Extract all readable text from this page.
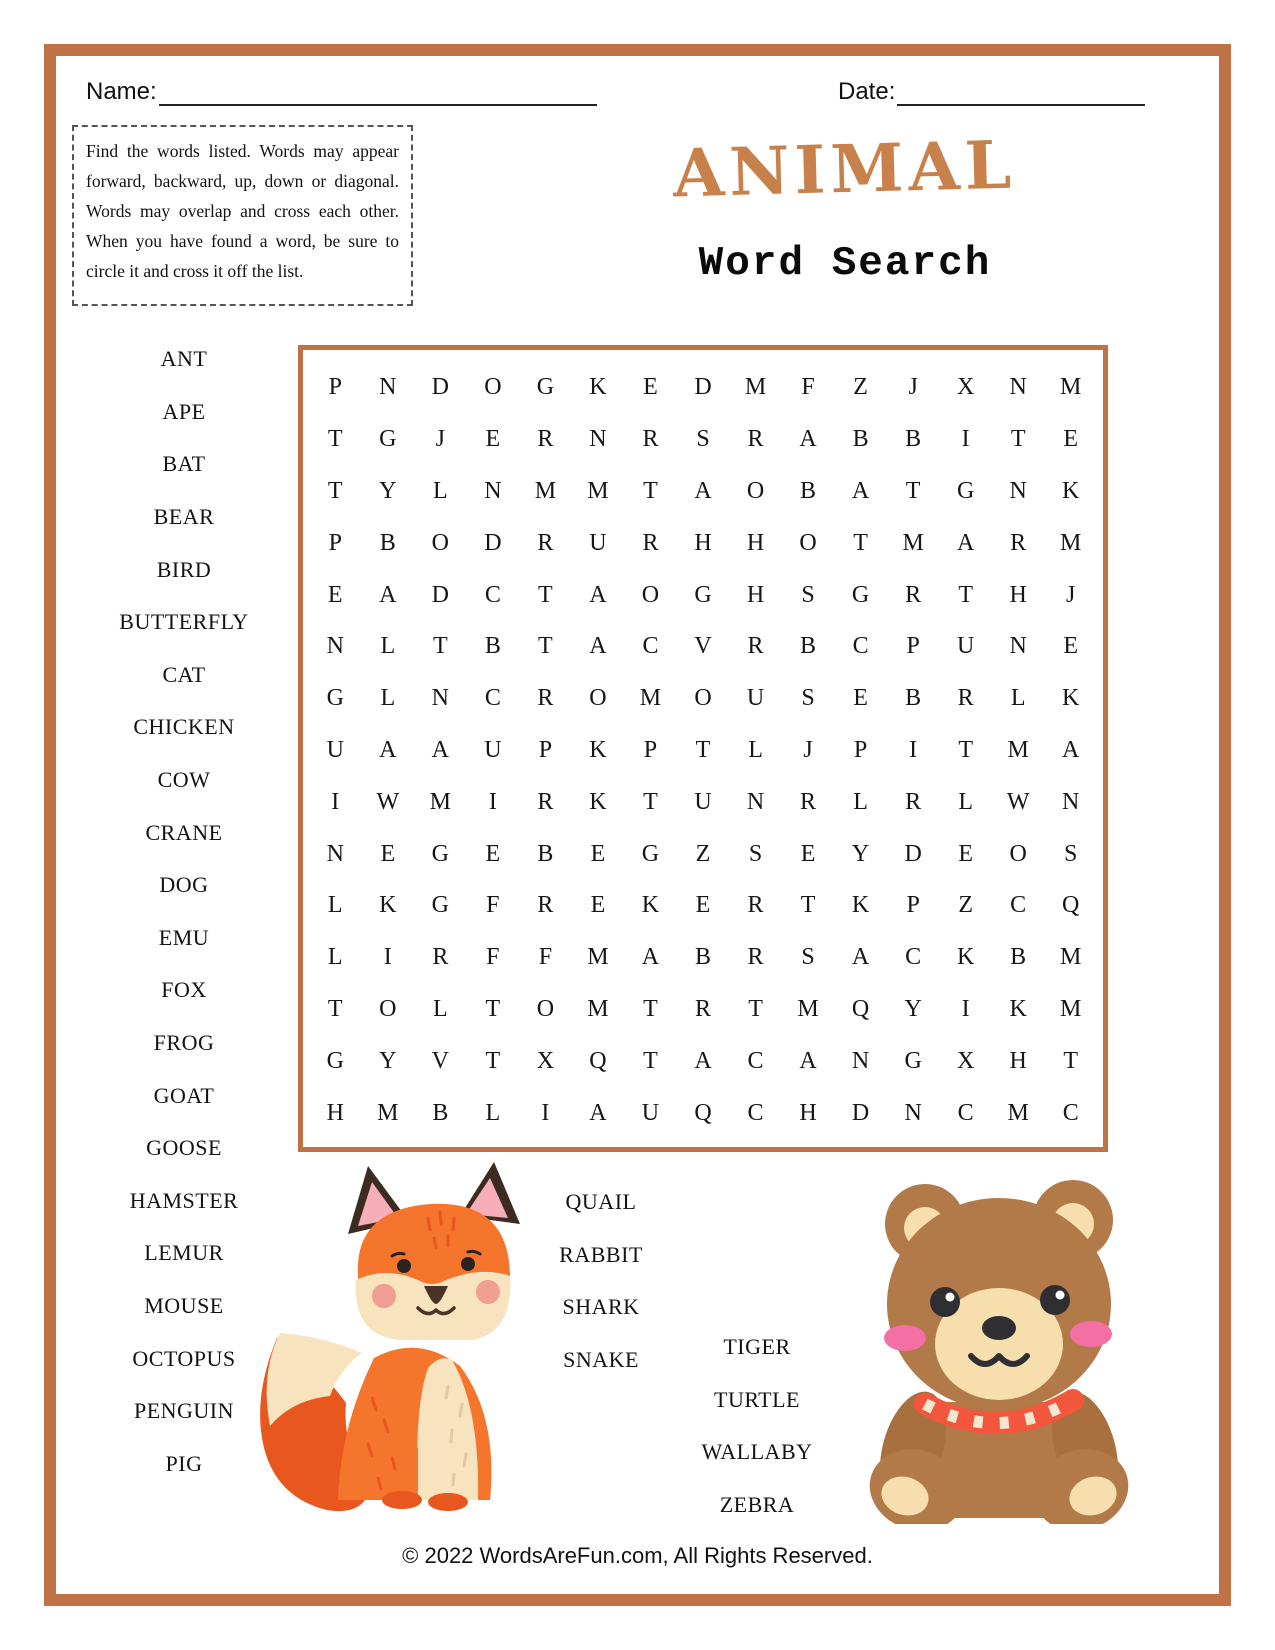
Name:	Date:
Find the words listed. Words may appear forward, backward, up, down or diagonal. Words may overlap and cross each other. When you have found a word, be sure to circle it and cross it off the list.
ANIMAL
Word Search
ANT
APE
BAT
BEAR
BIRD
BUTTERFLY
CAT
CHICKEN
COW
CRANE
DOG
EMU
FOX
FROG
GOAT
GOOSE
HAMSTER
LEMUR
MOUSE
OCTOPUS
PENGUIN
PIG
P	N	D	O	G	K	E	D	M	F	Z	J	X	N	M
T	G	J	E	R	N	R	S	R	A	B	B	I	T	E
T	Y	L	N	M	M	T	A	O	B	A	T	G	N	K
P	B	O	D	R	U	R	H	H	O	T	M	A	R	M
E	A	D	C	T	A	O	G	H	S	G	R	T	H	J
N	L	T	B	T	A	C	V	R	B	C	P	U	N	E
G	L	N	C	R	O	M	O	U	S	E	B	R	L	K
U	A	A	U	P	K	P	T	L	J	P	I	T	M	A
I	W	M	I	R	K	T	U	N	R	L	R	L	W	N
N	E	G	E	B	E	G	Z	S	E	Y	D	E	O	S
L	K	G	F	R	E	K	E	R	T	K	P	Z	C	Q
L	I	R	F	F	M	A	B	R	S	A	C	K	B	M
T	O	L	T	O	M	T	R	T	M	Q	Y	I	K	M
G	Y	V	T	X	Q	T	A	C	A	N	G	X	H	T
H	M	B	L	I	A	U	Q	C	H	D	N	C	M	C
QUAIL
RABBIT
SHARK
SNAKE
TIGER
TURTLE
WALLABY
ZEBRA
© 2022 WordsAreFun.com, All Rights Reserved.
